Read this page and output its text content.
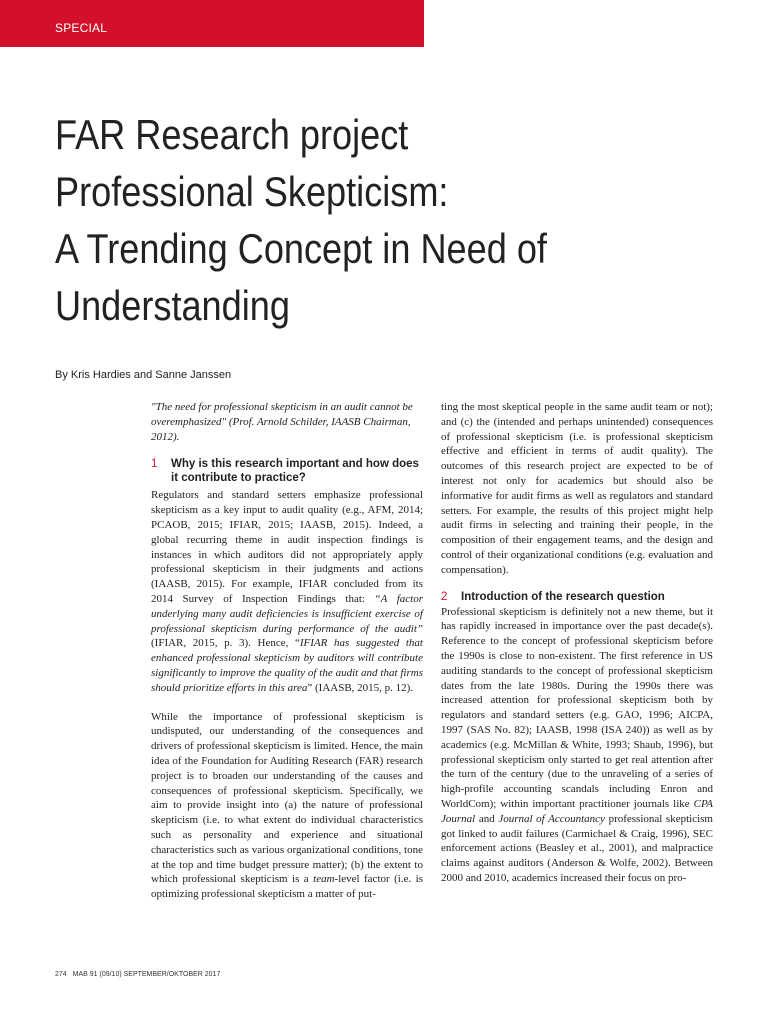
SPECIAL
FAR Research project
Professional Skepticism:
A Trending Concept in Need of
Understanding
By Kris Hardies and Sanne Janssen

"The need for professional skepticism in an audit cannot be overemphasized" (Prof. Arnold Schilder, IAASB Chairman, 2012).

1	Why is this research important and how does it contribute to practice?

Regulators and standard setters emphasize professional skepticism as a key input to audit quality (e.g., AFM, 2014; PCAOB, 2015; IFIAR, 2015; IAASB, 2015). Indeed, a global recurring theme in audit inspection findings is instances in which auditors did not appropriately apply professional skepticism in their judgments and actions (IAASB, 2015). For example, IFIAR concluded from its 2014 Survey of Inspection Findings that: “A factor underlying many audit deficiencies is insufficient exercise of professional skepticism during performance of the audit” (IFIAR, 2015, p. 3). Hence, “IFIAR has suggested that enhanced professional skepticism by auditors will contribute significantly to improve the quality of the audit and that firms should prioritize efforts in this area” (IAASB, 2015, p. 12).

While the importance of professional skepticism is undisputed, our understanding of the consequences and drivers of professional skepticism is limited. Hence, the main idea of the Foundation for Auditing Research (FAR) research project is to broaden our understanding of the causes and consequences of professional skepticism. Specifically, we aim to provide insight into (a) the nature of professional skepticism (i.e. to what extent do individual characteristics such as personality and experience and situational characteristics such as various organizational conditions, tone at the top and time budget pressure matter); (b) the extent to which professional skepticism is a team-level factor (i.e. is optimizing professional skepticism a matter of put-

ting the most skeptical people in the same audit team or not); and (c) the (intended and perhaps unintended) consequences of professional skepticism (i.e. is professional skepticism effective and efficient in terms of audit quality). The outcomes of this research project are expected to be of interest not only for academics but should also be informative for audit firms as well as regulators and standard setters. For example, the results of this project might help audit firms in selecting and training their people, in the composition of their engagement teams, and the design and control of their organizational conditions (e.g. evaluation and compensation).

2	Introduction of the research question

Professional skepticism is definitely not a new theme, but it has rapidly increased in importance over the past decade(s). Reference to the concept of professional skepticism before the 1990s is close to non-existent. The first reference in US auditing standards to the concept of professional skepticism dates from the late 1980s. During the 1990s there was increased attention for professional skepticism both by regulators and standard setters (e.g. GAO, 1996; AICPA, 1997 (SAS No. 82); IAASB, 1998 (ISA 240)) as well as by academics (e.g. McMillan & White, 1993; Shaub, 1996), but professional skepticism only started to get real attention after the turn of the century (due to the unraveling of a series of high-profile accounting scandals including Enron and WorldCom); within important practitioner journals like CPA Journal and Journal of Accountancy professional skepticism got linked to audit failures (Carmichael & Craig, 1996), SEC enforcement actions (Beasley et al., 2001), and malpractice claims against auditors (Anderson & Wolfe, 2002). Between 2000 and 2010, academics increased their focus on pro-

274 MAB 91 (09/10) SEPTEMBER/OKTOBER 2017
